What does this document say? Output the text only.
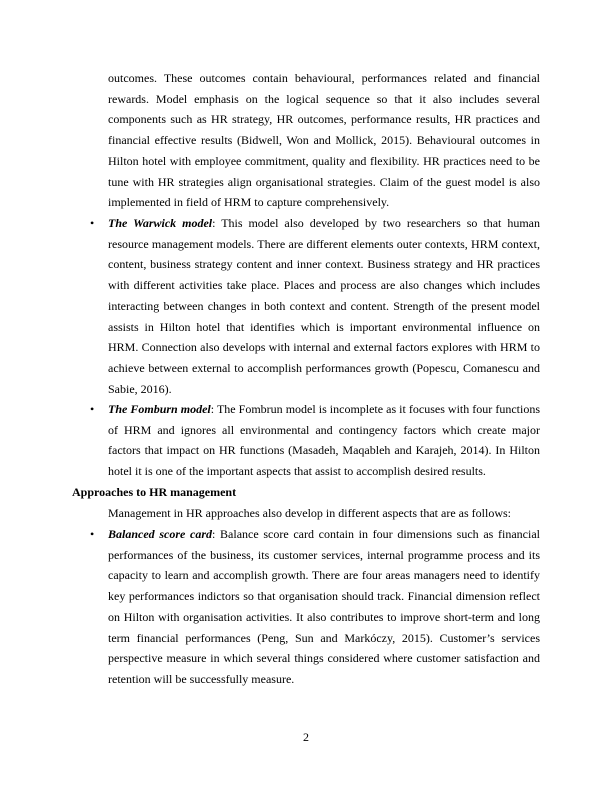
outcomes. These outcomes contain behavioural, performances related and financial rewards. Model emphasis on the logical sequence so that it also includes several components such as HR strategy, HR outcomes, performance results, HR practices and financial effective results (Bidwell, Won and Mollick, 2015). Behavioural outcomes in Hilton hotel with employee commitment, quality and flexibility. HR practices need to be tune with HR strategies align organisational strategies. Claim of the guest model is also implemented in field of HRM to capture comprehensively.

•	The Warwick model: This model also developed by two researchers so that human resource management models. There are different elements outer contexts, HRM context, content, business strategy content and inner context. Business strategy and HR practices with different activities take place. Places and process are also changes which includes interacting between changes in both context and content. Strength of the present model assists in Hilton hotel that identifies which is important environmental influence on HRM. Connection also develops with internal and external factors explores with HRM to achieve between external to accomplish performances growth (Popescu, Comanescu and Sabie, 2016).
•	The Fomburn model: The Fombrun model is incomplete as it focuses with four functions of HRM and ignores all environmental and contingency factors which create major factors that impact on HR functions (Masadeh, Maqableh and Karajeh, 2014). In Hilton hotel it is one of the important aspects that assist to accomplish desired results.

Approaches to HR management

Management in HR approaches also develop in different aspects that are as follows:

•	Balanced score card: Balance score card contain in four dimensions such as financial performances of the business, its customer services, internal programme process and its capacity to learn and accomplish growth. There are four areas managers need to identify key performances indictors so that organisation should track. Financial dimension reflect on Hilton with organisation activities. It also contributes to improve short-term and long term financial performances (Peng, Sun and Markóczy, 2015). Customer’s services perspective measure in which several things considered where customer satisfaction and retention will be successfully measure.
2
